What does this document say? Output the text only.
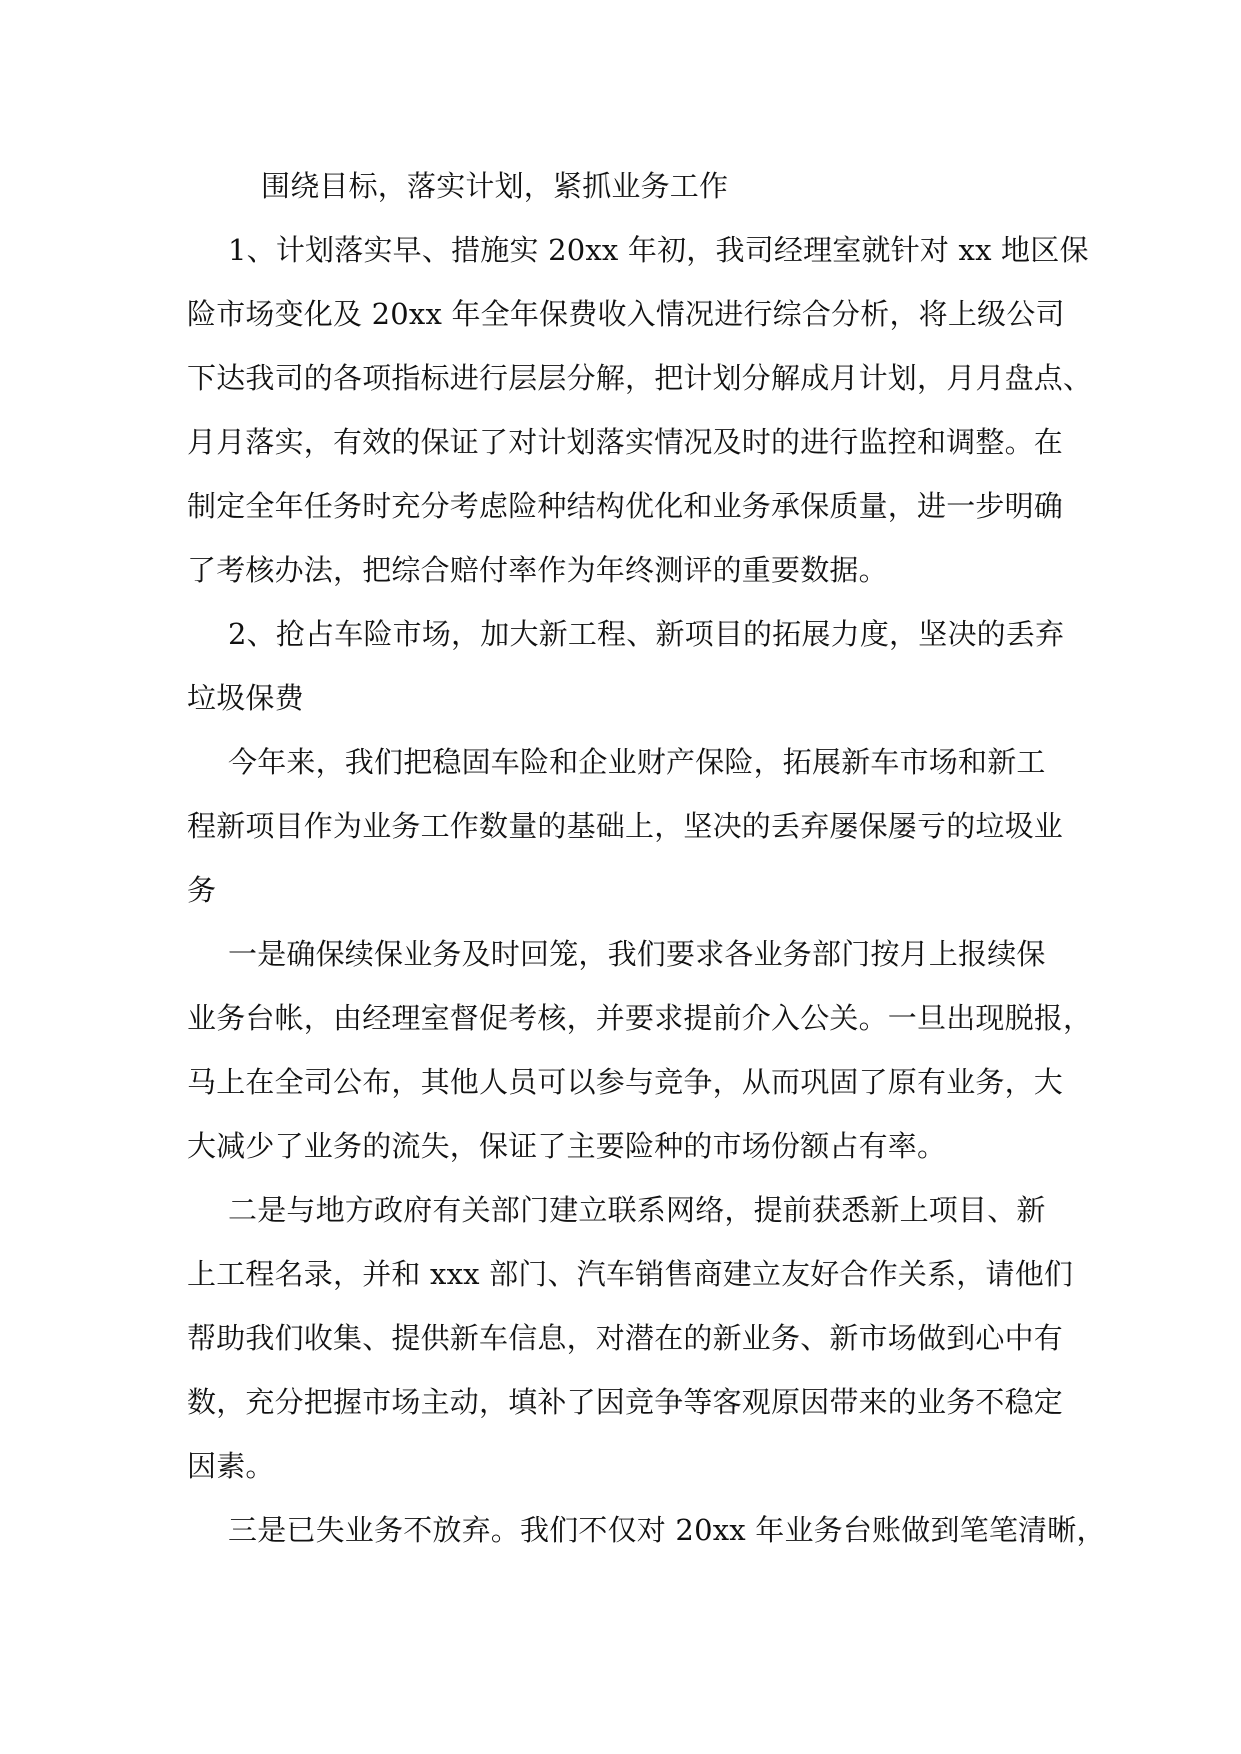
围绕目标，落实计划，紧抓业务工作

1、计划落实早、措施实 20xx 年初，我司经理室就针对 xx 地区保

险市场变化及 20xx 年全年保费收入情况进行综合分析，将上级公司

下达我司的各项指标进行层层分解，把计划分解成月计划，月月盘点、

月月落实，有效的保证了对计划落实情况及时的进行监控和调整。在

制定全年任务时充分考虑险种结构优化和业务承保质量，进一步明确

了考核办法，把综合赔付率作为年终测评的重要数据。

2、抢占车险市场，加大新工程、新项目的拓展力度，坚决的丢弃

垃圾保费

今年来，我们把稳固车险和企业财产保险，拓展新车市场和新工

程新项目作为业务工作数量的基础上，坚决的丢弃屡保屡亏的垃圾业

务

一是确保续保业务及时回笼，我们要求各业务部门按月上报续保

业务台帐，由经理室督促考核，并要求提前介入公关。一旦出现脱报，

马上在全司公布，其他人员可以参与竞争，从而巩固了原有业务，大

大减少了业务的流失，保证了主要险种的市场份额占有率。

二是与地方政府有关部门建立联系网络，提前获悉新上项目、新

上工程名录，并和 xxx 部门、汽车销售商建立友好合作关系，请他们

帮助我们收集、提供新车信息，对潜在的新业务、新市场做到心中有

数，充分把握市场主动，填补了因竞争等客观原因带来的业务不稳定

因素。

三是已失业务不放弃。我们不仅对 20xx 年业务台账做到笔笔清晰，
